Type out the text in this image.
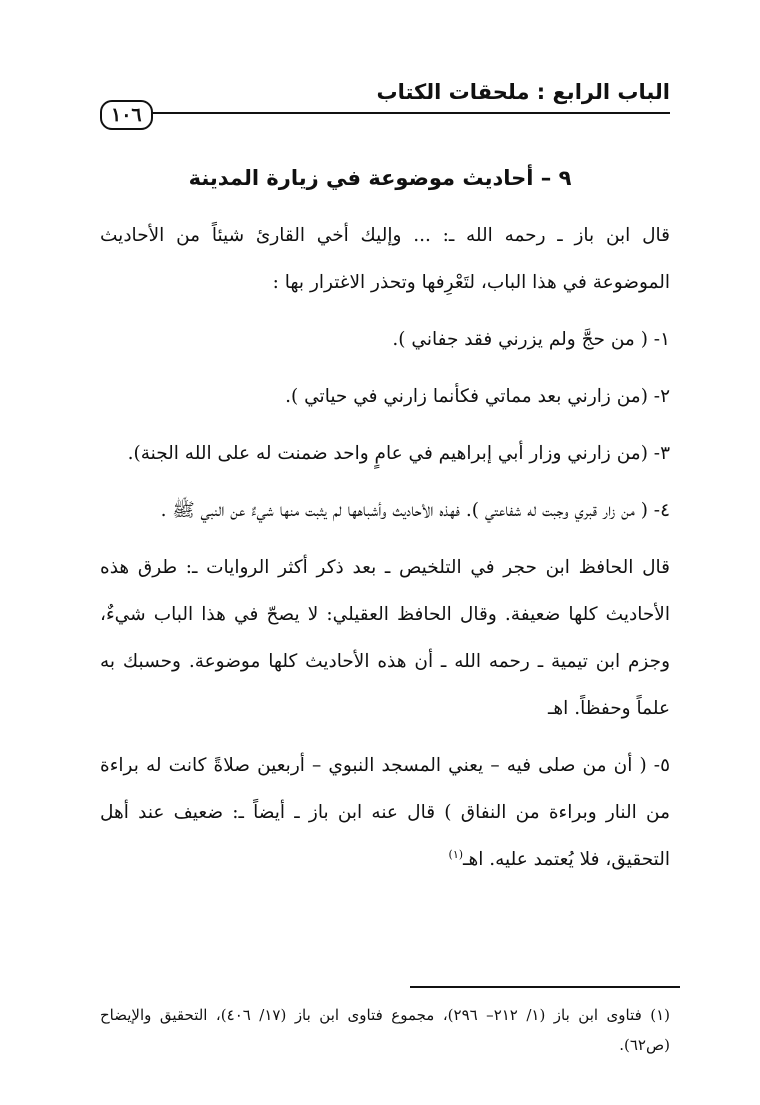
الباب الرابع : ملحقات الكتاب
١٠٦
٩ – أحاديث موضوعة في زيارة المدينة

قال ابن باز ـ رحمه الله ـ: ... وإليك أخي القارئ شيئاً من الأحاديث الموضوعة في هذا الباب، لتَعْرِفها وتحذر الاغترار بها :

١- ( من حجَّ ولم يزرني فقد جفاني ).

٢- (من زارني بعد مماتي فكأنما زارني في حياتي ).

٣- (من زارني وزار أبي إبراهيم في عامٍ واحد ضمنت له على الله الجنة).

٤- ( من زار قبري وجبت له شفاعتي ). فهذه الأحاديث وأشباهها لم يثبت منها شيءٌ عن النبي ﷺ .

قال الحافظ ابن حجر في التلخيص ـ بعد ذكر أكثر الروايات ـ: طرق هذه الأحاديث كلها ضعيفة. وقال الحافظ العقيلي: لا يصحّ في هذا الباب شيءٌ، وجزم ابن تيمية ـ رحمه الله ـ أن هذه الأحاديث كلها موضوعة. وحسبك به علماً وحفظاً. اهـ

٥- ( أن من صلى فيه – يعني المسجد النبوي – أربعين صلاةً كانت له براءة من النار وبراءة من النفاق ) قال عنه ابن باز ـ أيضاً ـ: ضعيف عند أهل التحقيق، فلا يُعتمد عليه. اهـ$^{(١)}$

(١) فتاوى ابن باز (١/ ٢١٢– ٢٩٦)، مجموع فتاوى ابن باز (١٧/ ٤٠٦)، التحقيق والإيضاح (ص٦٢).
